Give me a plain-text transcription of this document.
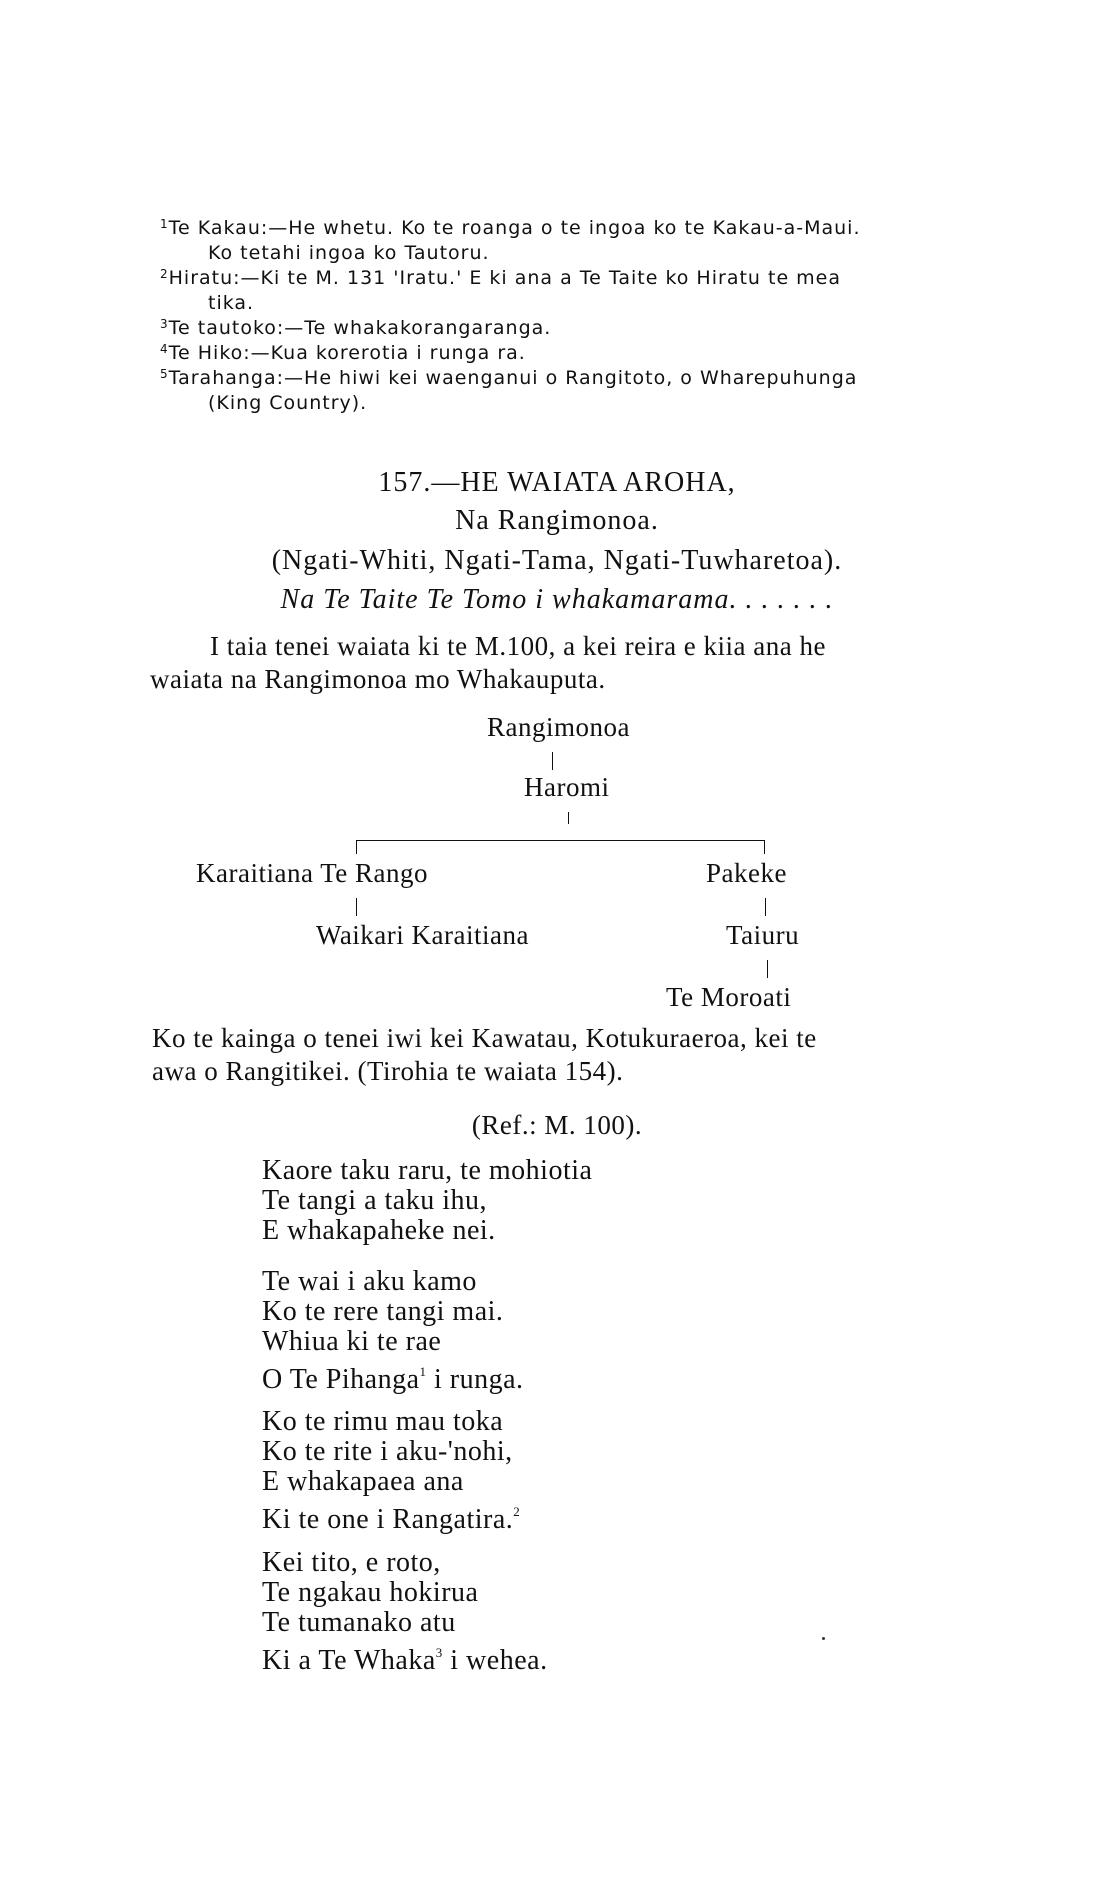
$^1$Te Kakau:—He whetu. Ko te roanga o te ingoa ko te Kakau-a-Maui.
Ko tetahi ingoa ko Tautoru.
$^2$Hiratu:—Ki te M. 131 'Iratu.' E ki ana a Te Taite ko Hiratu te mea
tika.
$^3$Te tautoko:—Te whakakorangaranga.
$^4$Te Hiko:—Kua korerotia i runga ra.
$^5$Tarahanga:—He hiwi kei waenganui o Rangitoto, o Wharepuhunga
(King Country).
157.—HE WAIATA AROHA,
Na Rangimonoa.
(Ngati-Whiti, Ngati-Tama, Ngati-Tuwharetoa).
Na Te Taite Te Tomo i whakamarama. . . . . . .
I taia tenei waiata ki te M.100, a kei reira e kiia ana he
waiata na Rangimonoa mo Whakauputa.
Rangimonoa
Haromi
Karaitiana Te Rango
Waikari Karaitiana
Pakeke
Taiuru
Te Moroati
Ko te kainga o tenei iwi kei Kawatau, Kotukuraeroa, kei te
awa o Rangitikei. (Tirohia te waiata 154).
(Ref.: M. 100).
Kaore taku raru, te mohiotia
Te tangi a taku ihu,
E whakapaheke nei.
Te wai i aku kamo
Ko te rere tangi mai.
Whiua ki te rae
O Te Pihanga$^1$ i runga.
Ko te rimu mau toka
Ko te rite i aku-'nohi,
E whakapaea ana
Ki te one i Rangatira.$^2$
Kei tito, e roto,
Te ngakau hokirua
Te tumanako atu
Ki a Te Whaka$^3$ i wehea.
